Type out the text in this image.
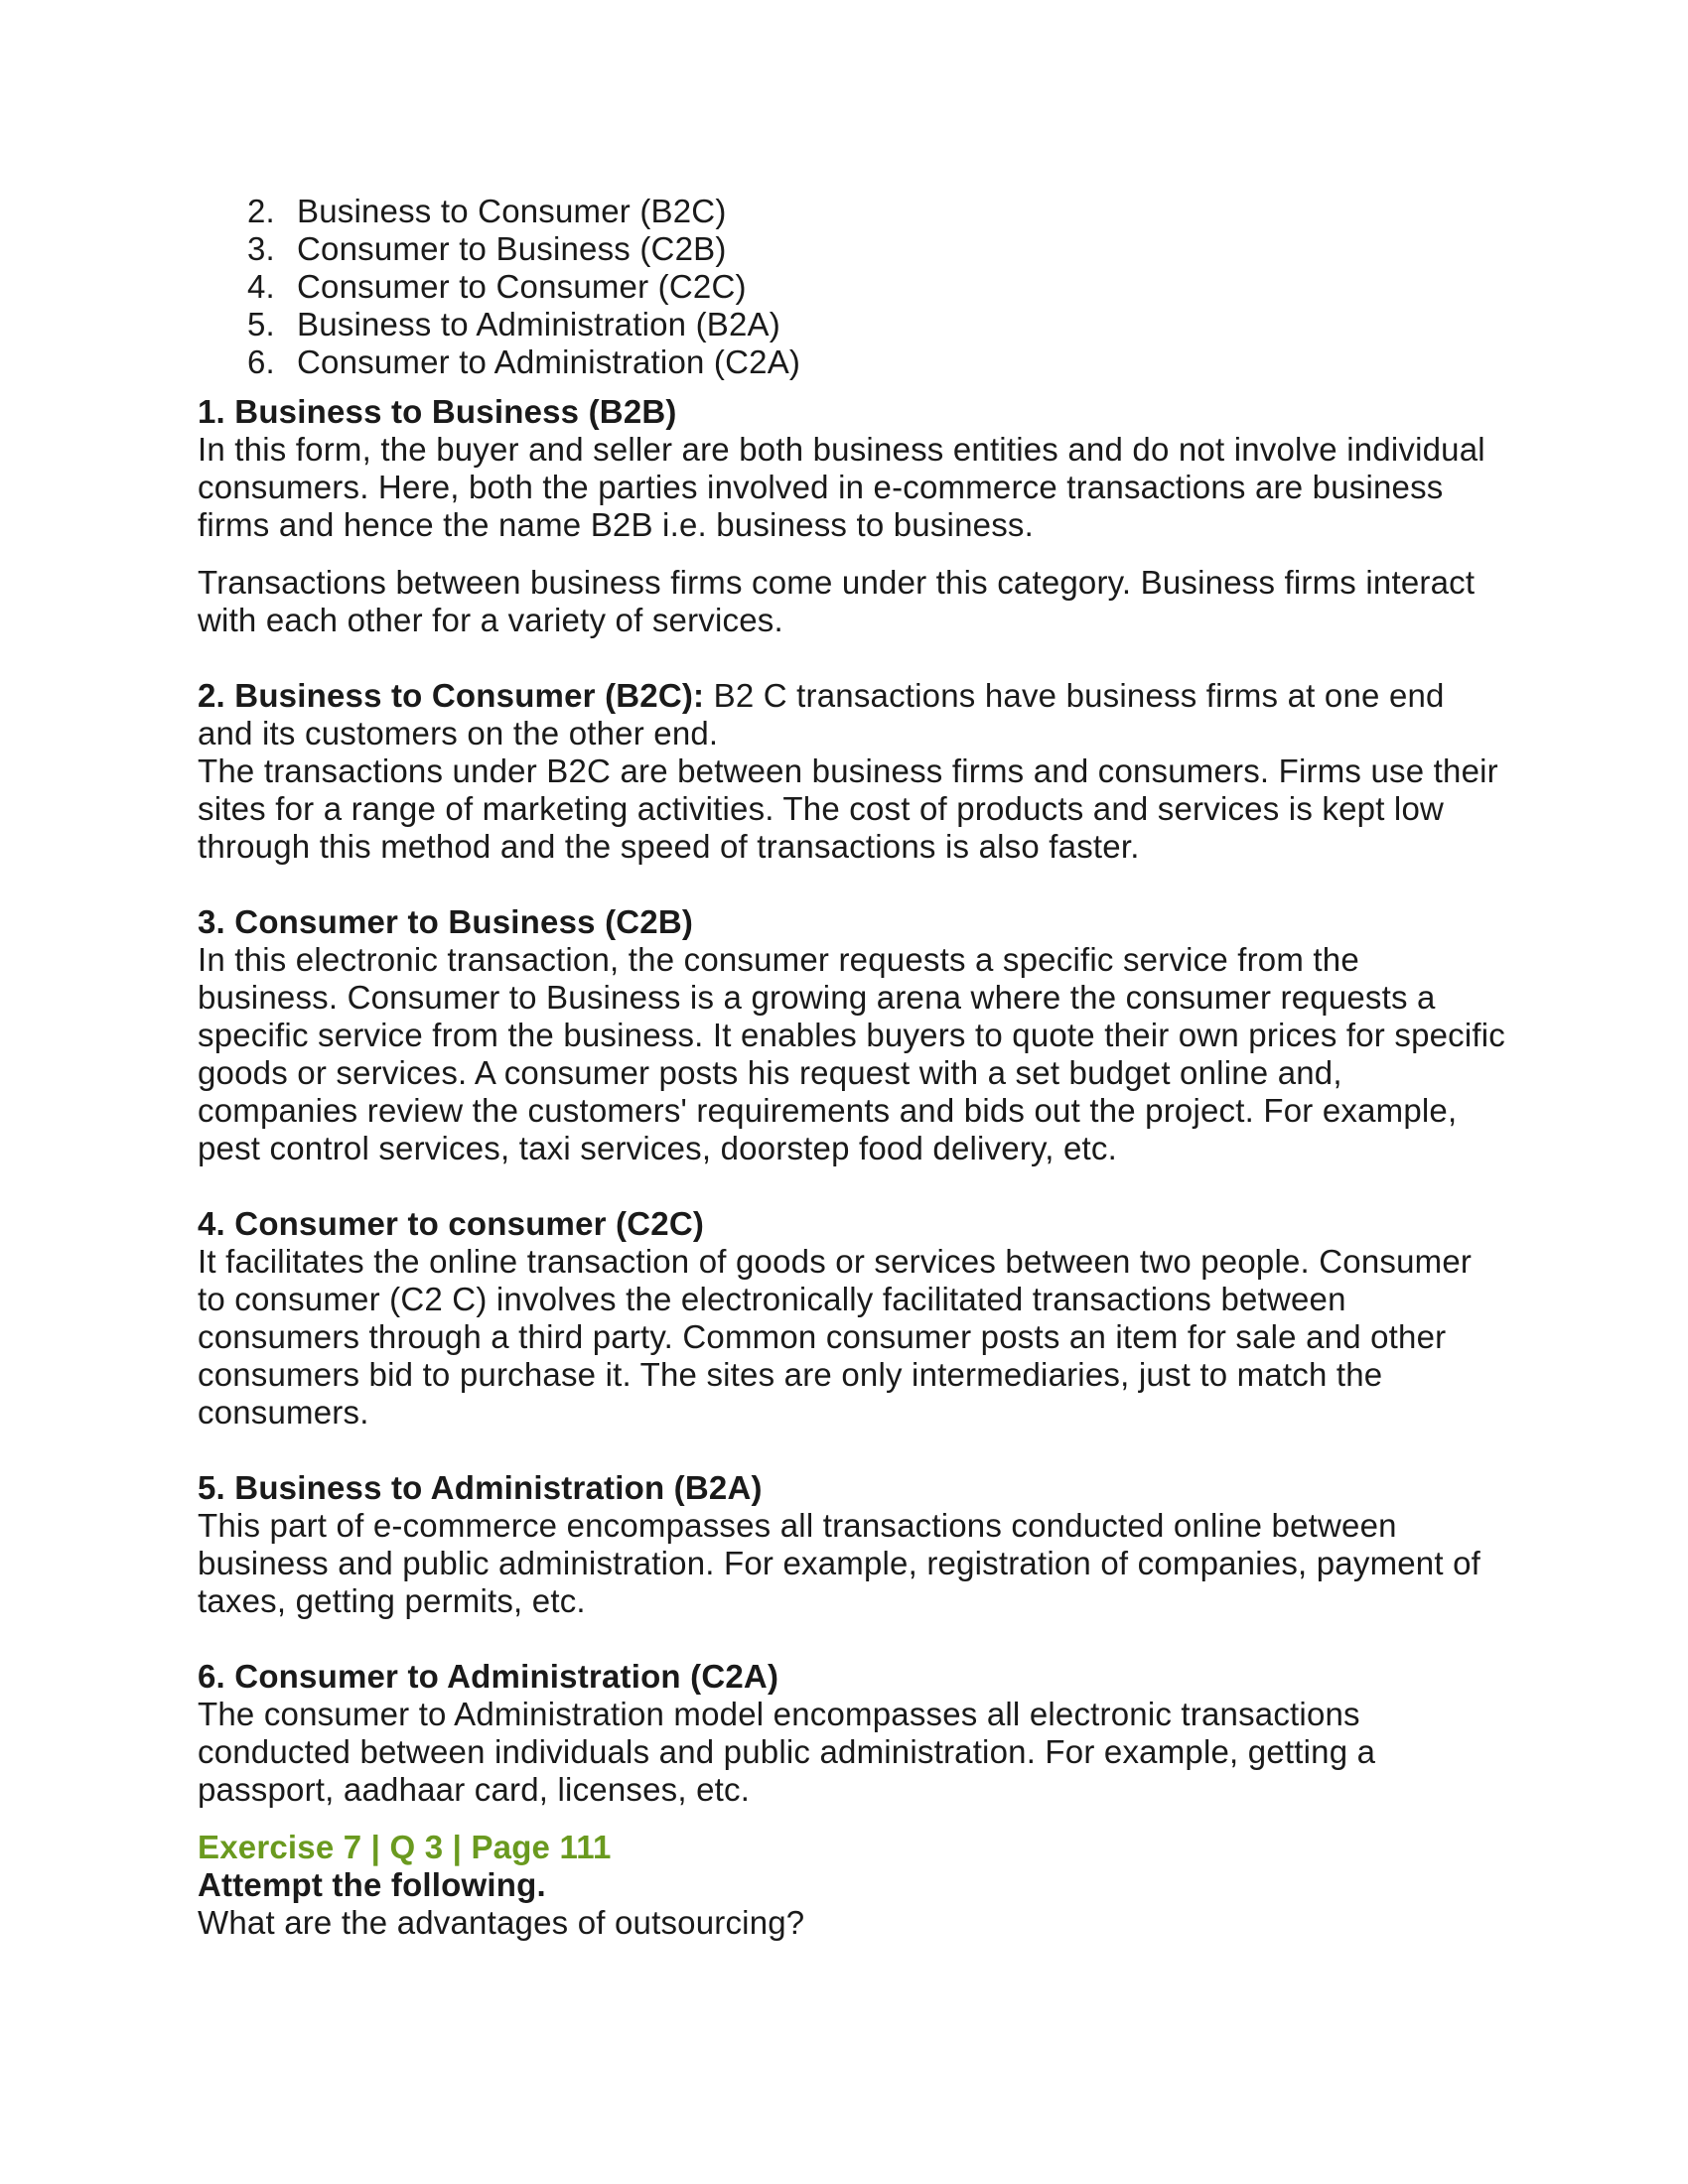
2. Business to Consumer (B2C)
3. Consumer to Business (C2B)
4. Consumer to Consumer (C2C)
5. Business to Administration (B2A)
6. Consumer to Administration (C2A)
1. Business to Business (B2B)

In this form, the buyer and seller are both business entities and do not involve individual consumers. Here, both the parties involved in e-commerce transactions are business firms and hence the name B2B i.e. business to business.

Transactions between business firms come under this category. Business firms interact with each other for a variety of services.

2. Business to Consumer (B2C): B2 C transactions have business firms at one end and its customers on the other end.

The transactions under B2C are between business firms and consumers. Firms use their sites for a range of marketing activities. The cost of products and services is kept low through this method and the speed of transactions is also faster.

3. Consumer to Business (C2B)

In this electronic transaction, the consumer requests a specific service from the business. Consumer to Business is a growing arena where the consumer requests a specific service from the business. It enables buyers to quote their own prices for specific goods or services. A consumer posts his request with a set budget online and, companies review the customers' requirements and bids out the project. For example, pest control services, taxi services, doorstep food delivery, etc.

4. Consumer to consumer (C2C)

It facilitates the online transaction of goods or services between two people. Consumer to consumer (C2 C) involves the electronically facilitated transactions between consumers through a third party. Common consumer posts an item for sale and other consumers bid to purchase it. The sites are only intermediaries, just to match the consumers.

5. Business to Administration (B2A)

This part of e-commerce encompasses all transactions conducted online between business and public administration. For example, registration of companies, payment of taxes, getting permits, etc.

6. Consumer to Administration (C2A)

The consumer to Administration model encompasses all electronic transactions conducted between individuals and public administration. For example, getting a passport, aadhaar card, licenses, etc.

Exercise 7 | Q 3 | Page 111
Attempt the following.
What are the advantages of outsourcing?
